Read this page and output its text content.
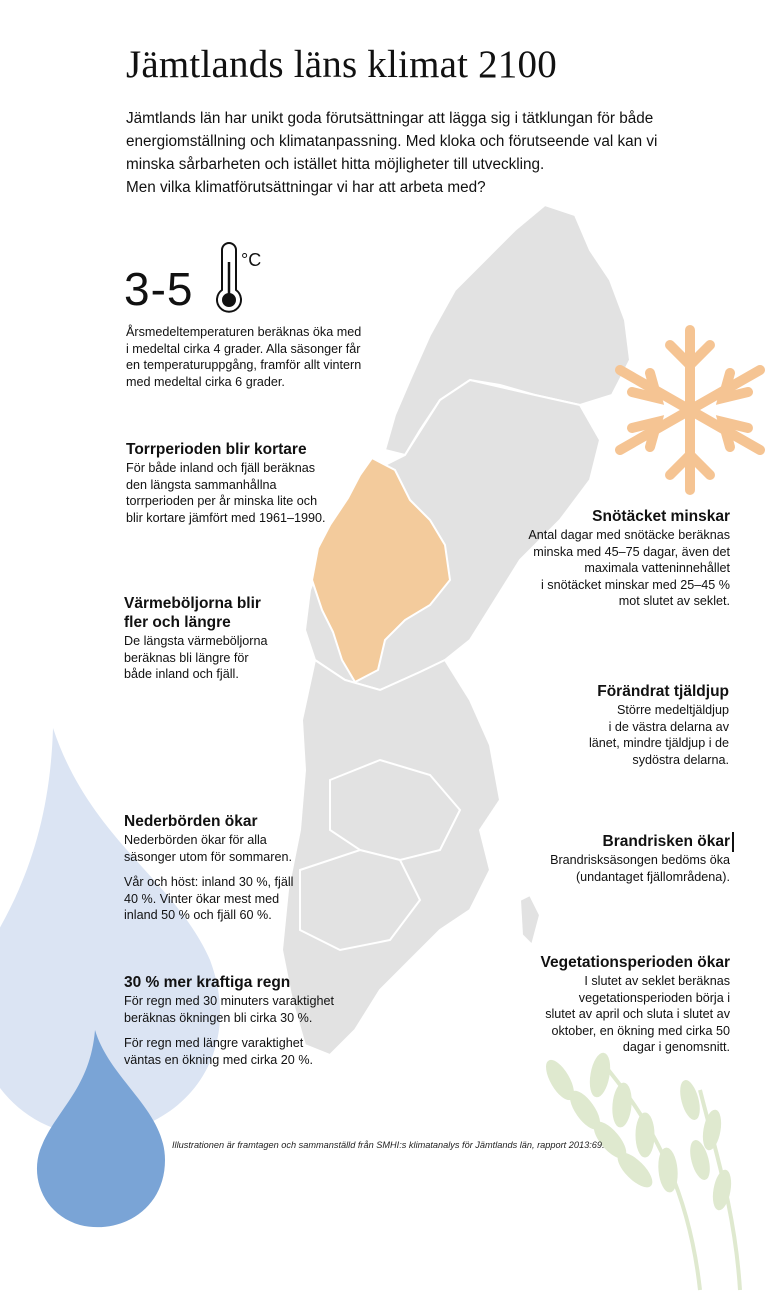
Jämtlands läns klimat 2100
Jämtlands län har unikt goda förutsättningar att lägga sig i tätklungan för både
energiomställning och klimatanpassning. Med kloka och förutseende val kan vi
minska sårbarheten och istället hitta möjligheter till utveckling.
Men vilka klimatförutsättningar vi har att arbeta med?
3-5
°C
Årsmedeltemperaturen beräknas öka med
i medeltal cirka 4 grader. Alla säsonger får
en temperaturuppgång, framför allt vintern
med medeltal cirka 6 grader.
Torrperioden blir kortare
För både inland och fjäll beräknas
den längsta sammanhållna
torrperioden per år minska lite och
blir kortare jämfört med 1961–1990.
Värmeböljorna blir
fler och längre
De längsta värmeböljorna
beräknas bli längre för
både inland och fjäll.
Nederbörden ökar
Nederbörden ökar för alla
säsonger utom för sommaren.
Vår och höst: inland 30 %, fjäll
40 %. Vinter ökar mest med
inland 50 % och fjäll 60 %.
30 % mer kraftiga regn
För regn med 30 minuters varaktighet
beräknas ökningen bli cirka 30 %.
För regn med längre varaktighet
väntas en ökning med cirka 20 %.
Snötäcket minskar
Antal dagar med snötäcke beräknas
minska med 45–75 dagar, även det
maximala vatteninnehållet
i snötäcket minskar med 25–45 %
mot slutet av seklet.
Förändrat tjäldjup
Större medeltjäldjup
i de västra delarna av
länet, mindre tjäldjup i de
sydöstra delarna.
Brandrisken ökar
Brandrisksäsongen bedöms öka
(undantaget fjällområdena).
Vegetationsperioden ökar
I slutet av seklet beräknas
vegetationsperioden börja i
slutet av april och sluta i slutet av
oktober, en ökning med cirka 50
dagar i genomsnitt.
Illustrationen är framtagen och sammanställd från SMHI:s klimatanalys för Jämtlands län, rapport 2013:69.
